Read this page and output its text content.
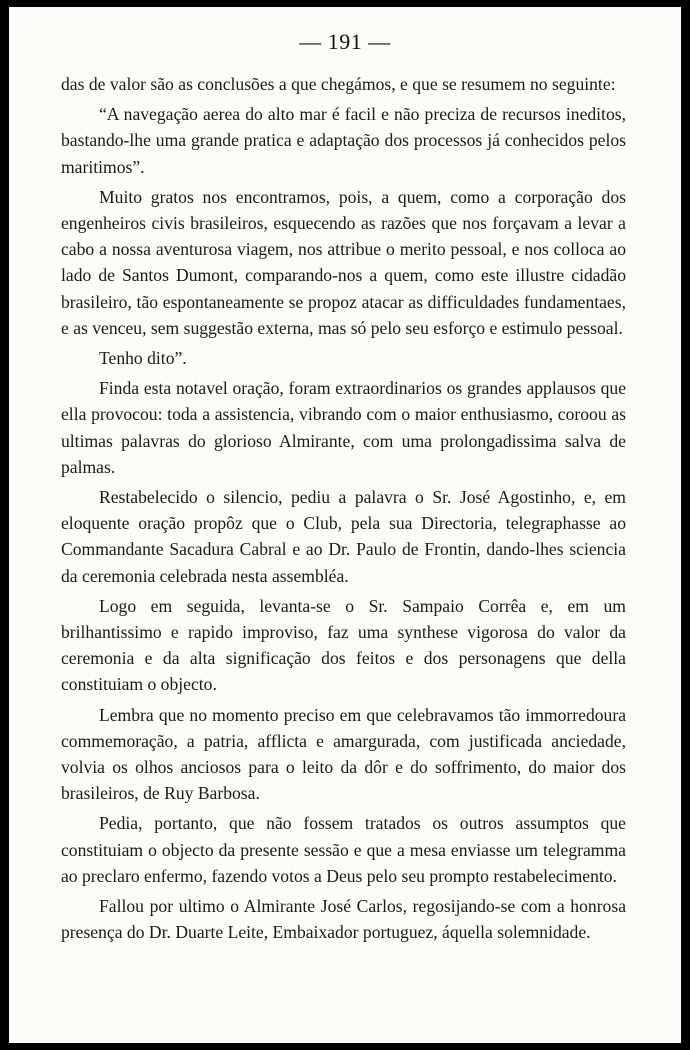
— 191 —

das de valor são as conclusões a que chegámos, e que se resumem no seguinte:

“A navegação aerea do alto mar é facil e não preciza de recursos ineditos, bastando-lhe uma grande pratica e adaptação dos processos já conhecidos pelos maritimos”.

Muito gratos nos encontramos, pois, a quem, como a corporação dos engenheiros civis brasileiros, esquecendo as razões que nos forçavam a levar a cabo a nossa aventurosa viagem, nos attribue o merito pessoal, e nos colloca ao lado de Santos Dumont, comparando-nos a quem, como este illustre cidadão brasileiro, tão espontaneamente se propoz atacar as difficuldades fundamentaes, e as venceu, sem suggestão externa, mas só pelo seu esforço e estimulo pessoal.

Tenho dito”.

Finda esta notavel oração, foram extraordinarios os grandes applausos que ella provocou: toda a assistencia, vibrando com o maior enthusiasmo, coroou as ultimas palavras do glorioso Almirante, com uma prolongadissima salva de palmas.

Restabelecido o silencio, pediu a palavra o Sr. José Agostinho, e, em eloquente oração propôz que o Club, pela sua Directoria, telegraphasse ao Commandante Sacadura Cabral e ao Dr. Paulo de Frontin, dando-lhes sciencia da ceremonia celebrada nesta assembléa.

Logo em seguida, levanta-se o Sr. Sampaio Corrêa e, em um brilhantissimo e rapido improviso, faz uma synthese vigorosa do valor da ceremonia e da alta significação dos feitos e dos personagens que della constituiam o objecto.

Lembra que no momento preciso em que celebravamos tão immorredoura commemoração, a patria, afflicta e amargurada, com justificada anciedade, volvia os olhos anciosos para o leito da dôr e do soffrimento, do maior dos brasileiros, de Ruy Barbosa.

Pedia, portanto, que não fossem tratados os outros assumptos que constituiam o objecto da presente sessão e que a mesa enviasse um telegramma ao preclaro enfermo, fazendo votos a Deus pelo seu prompto restabelecimento.

Fallou por ultimo o Almirante José Carlos, regosijando-se com a honrosa presença do Dr. Duarte Leite, Embaixador portuguez, áquella solemnidade.
